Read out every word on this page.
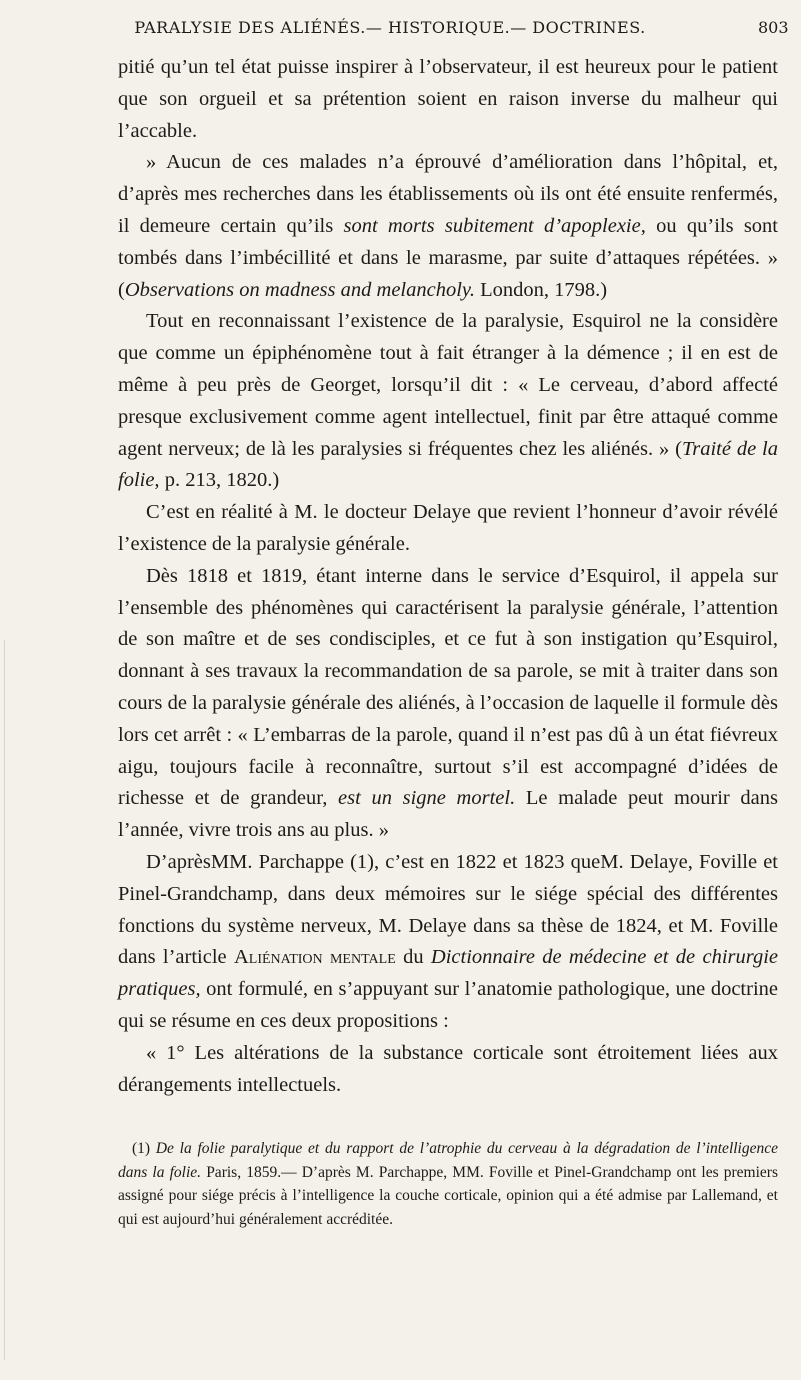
PARALYSIE DES ALIÉNÉS.— HISTORIQUE.— DOCTRINES.	803

pitié qu’un tel état puisse inspirer à l’observateur, il est heureux pour le patient que son orgueil et sa prétention soient en raison inverse du malheur qui l’accable.

» Aucun de ces malades n’a éprouvé d’amélioration dans l’hôpital, et, d’après mes recherches dans les établissements où ils ont été ensuite renfermés, il demeure certain qu’ils sont morts subitement d’apoplexie, ou qu’ils sont tombés dans l’imbécillité et dans le marasme, par suite d’attaques répétées. » (Observations on madness and melancholy. London, 1798.)

Tout en reconnaissant l’existence de la paralysie, Esquirol ne la considère que comme un épiphénomène tout à fait étranger à la démence ; il en est de même à peu près de Georget, lorsqu’il dit : « Le cerveau, d’abord affecté presque exclusivement comme agent intellectuel, finit par être attaqué comme agent nerveux; de là les paralysies si fréquentes chez les aliénés. » (Traité de la folie, p. 213, 1820.)

C’est en réalité à M. le docteur Delaye que revient l’honneur d’avoir révélé l’existence de la paralysie générale.

Dès 1818 et 1819, étant interne dans le service d’Esquirol, il appela sur l’ensemble des phénomènes qui caractérisent la paralysie générale, l’attention de son maître et de ses condisciples, et ce fut à son instigation qu’Esquirol, donnant à ses travaux la recommandation de sa parole, se mit à traiter dans son cours de la paralysie générale des aliénés, à l’occasion de laquelle il formule dès lors cet arrêt : « L’embarras de la parole, quand il n’est pas dû à un état fiévreux aigu, toujours facile à reconnaître, surtout s’il est accompagné d’idées de richesse et de grandeur, est un signe mortel. Le malade peut mourir dans l’année, vivre trois ans au plus. »

D’aprèsMM. Parchappe (1), c’est en 1822 et 1823 queM. Delaye, Foville et Pinel-Grandchamp, dans deux mémoires sur le siége spécial des différentes fonctions du système nerveux, M. Delaye dans sa thèse de 1824, et M. Foville dans l’article Aliénation mentale du Dictionnaire de médecine et de chirurgie pratiques, ont formulé, en s’appuyant sur l’anatomie pathologique, une doctrine qui se résume en ces deux propositions :

« 1° Les altérations de la substance corticale sont étroitement liées aux dérangements intellectuels.

(1) De la folie paralytique et du rapport de l’atrophie du cerveau à la dégradation de l’intelligence dans la folie. Paris, 1859.— D’après M. Parchappe, MM. Foville et Pinel-Grandchamp ont les premiers assigné pour siége précis à l’intelligence la couche corticale, opinion qui a été admise par Lallemand, et qui est aujourd’hui généralement accréditée.
